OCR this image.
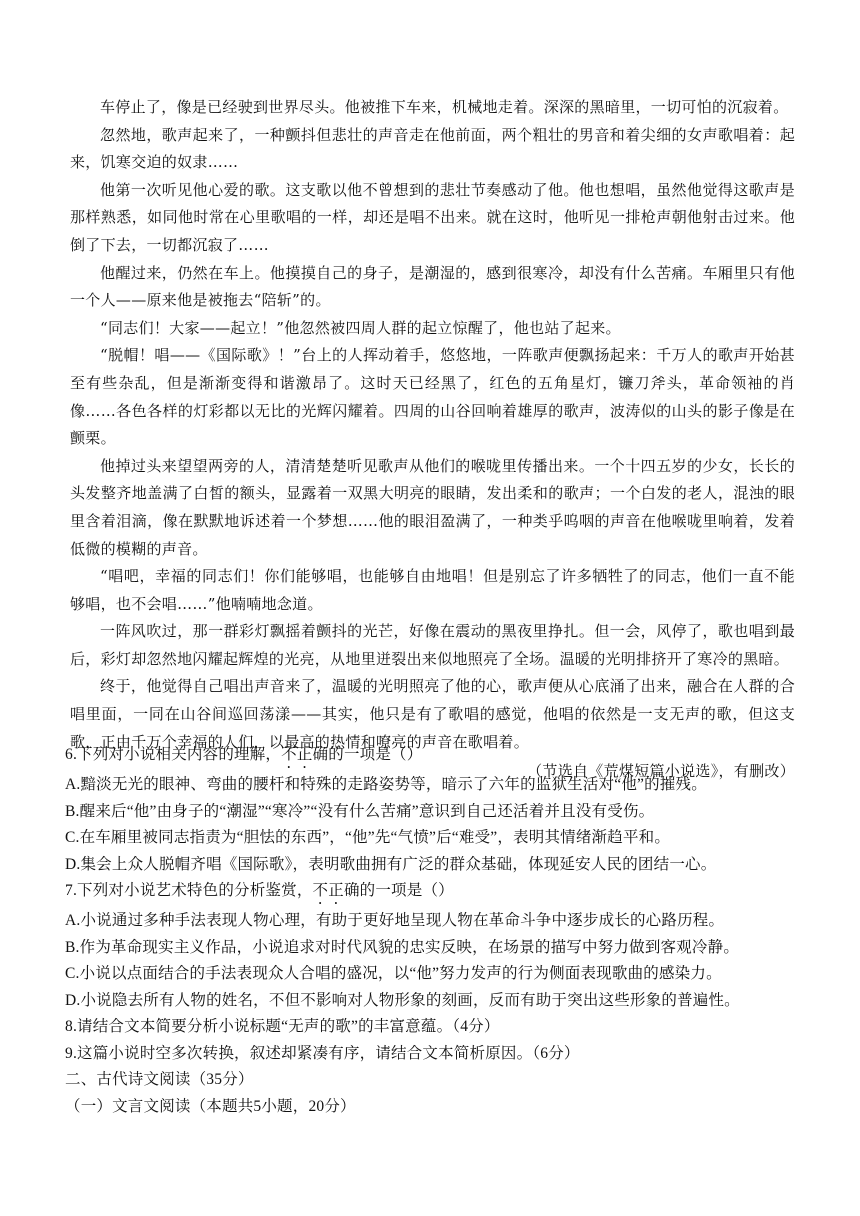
车停止了，像是已经驶到世界尽头。他被推下车来，机械地走着。深深的黑暗里，一切可怕的沉寂着。

忽然地，歌声起来了，一种颤抖但悲壮的声音走在他前面，两个粗壮的男音和着尖细的女声歌唱着：起来，饥寒交迫的奴隶……

他第一次听见他心爱的歌。这支歌以他不曾想到的悲壮节奏感动了他。他也想唱，虽然他觉得这歌声是那样熟悉，如同他时常在心里歌唱的一样，却还是唱不出来。就在这时，他听见一排枪声朝他射击过来。他倒了下去，一切都沉寂了……

他醒过来，仍然在车上。他摸摸自己的身子，是潮湿的，感到很寒冷，却没有什么苦痛。车厢里只有他一个人——原来他是被拖去“陪斩”的。

“同志们！大家——起立！”他忽然被四周人群的起立惊醒了，他也站了起来。

“脱帽！唱——《国际歌》！”台上的人挥动着手，悠悠地，一阵歌声便飘扬起来：千万人的歌声开始甚至有些杂乱，但是渐渐变得和谐激昂了。这时天已经黑了，红色的五角星灯，镰刀斧头，革命领袖的肖像……各色各样的灯彩都以无比的光辉闪耀着。四周的山谷回响着雄厚的歌声，波涛似的山头的影子像是在颤栗。

他掉过头来望望两旁的人，清清楚楚听见歌声从他们的喉咙里传播出来。一个十四五岁的少女，长长的头发整齐地盖满了白皙的额头，显露着一双黑大明亮的眼睛，发出柔和的歌声；一个白发的老人，混浊的眼里含着泪滴，像在默默地诉述着一个梦想……他的眼泪盈满了，一种类乎呜咽的声音在他喉咙里响着，发着低微的模糊的声音。

“唱吧，幸福的同志们！你们能够唱，也能够自由地唱！但是别忘了许多牺牲了的同志，他们一直不能够唱，也不会唱……”他喃喃地念道。

一阵风吹过，那一群彩灯飘摇着颤抖的光芒，好像在震动的黑夜里挣扎。但一会，风停了，歌也唱到最后，彩灯却忽然地闪耀起辉煌的光亮，从地里迸裂出来似地照亮了全场。温暖的光明排挤开了寒冷的黑暗。

终于，他觉得自己唱出声音来了，温暖的光明照亮了他的心，歌声便从心底涌了出来，融合在人群的合唱里面，一同在山谷间巡回荡漾——其实，他只是有了歌唱的感觉，他唱的依然是一支无声的歌，但这支歌，正由千万个幸福的人们，以最高的热情和嘹亮的声音在歌唱着。

（节选自《荒煤短篇小说选》，有删改）

6.下列对小说相关内容的理解，不正确的一项是（）
A.黯淡无光的眼神、弯曲的腰杆和特殊的走路姿势等，暗示了六年的监狱生活对“他”的摧残。
B.醒来后“他”由身子的“潮湿”“寒冷”“没有什么苦痛”意识到自己还活着并且没有受伤。
C.在车厢里被同志指责为“胆怯的东西”，“他”先“气愤”后“难受”，表明其情绪渐趋平和。
D.集会上众人脱帽齐唱《国际歌》，表明歌曲拥有广泛的群众基础，体现延安人民的团结一心。
7.下列对小说艺术特色的分析鉴赏，不正确的一项是（）
A.小说通过多种手法表现人物心理，有助于更好地呈现人物在革命斗争中逐步成长的心路历程。
B.作为革命现实主义作品，小说追求对时代风貌的忠实反映，在场景的描写中努力做到客观冷静。
C.小说以点面结合的手法表现众人合唱的盛况，以“他”努力发声的行为侧面表现歌曲的感染力。
D.小说隐去所有人物的姓名，不但不影响对人物形象的刻画，反而有助于突出这些形象的普遍性。
8.请结合文本简要分析小说标题“无声的歌”的丰富意蕴。（4分）
9.这篇小说时空多次转换，叙述却紧凑有序，请结合文本简析原因。（6分）
二、古代诗文阅读（35分）
（一）文言文阅读（本题共5小题，20分）
